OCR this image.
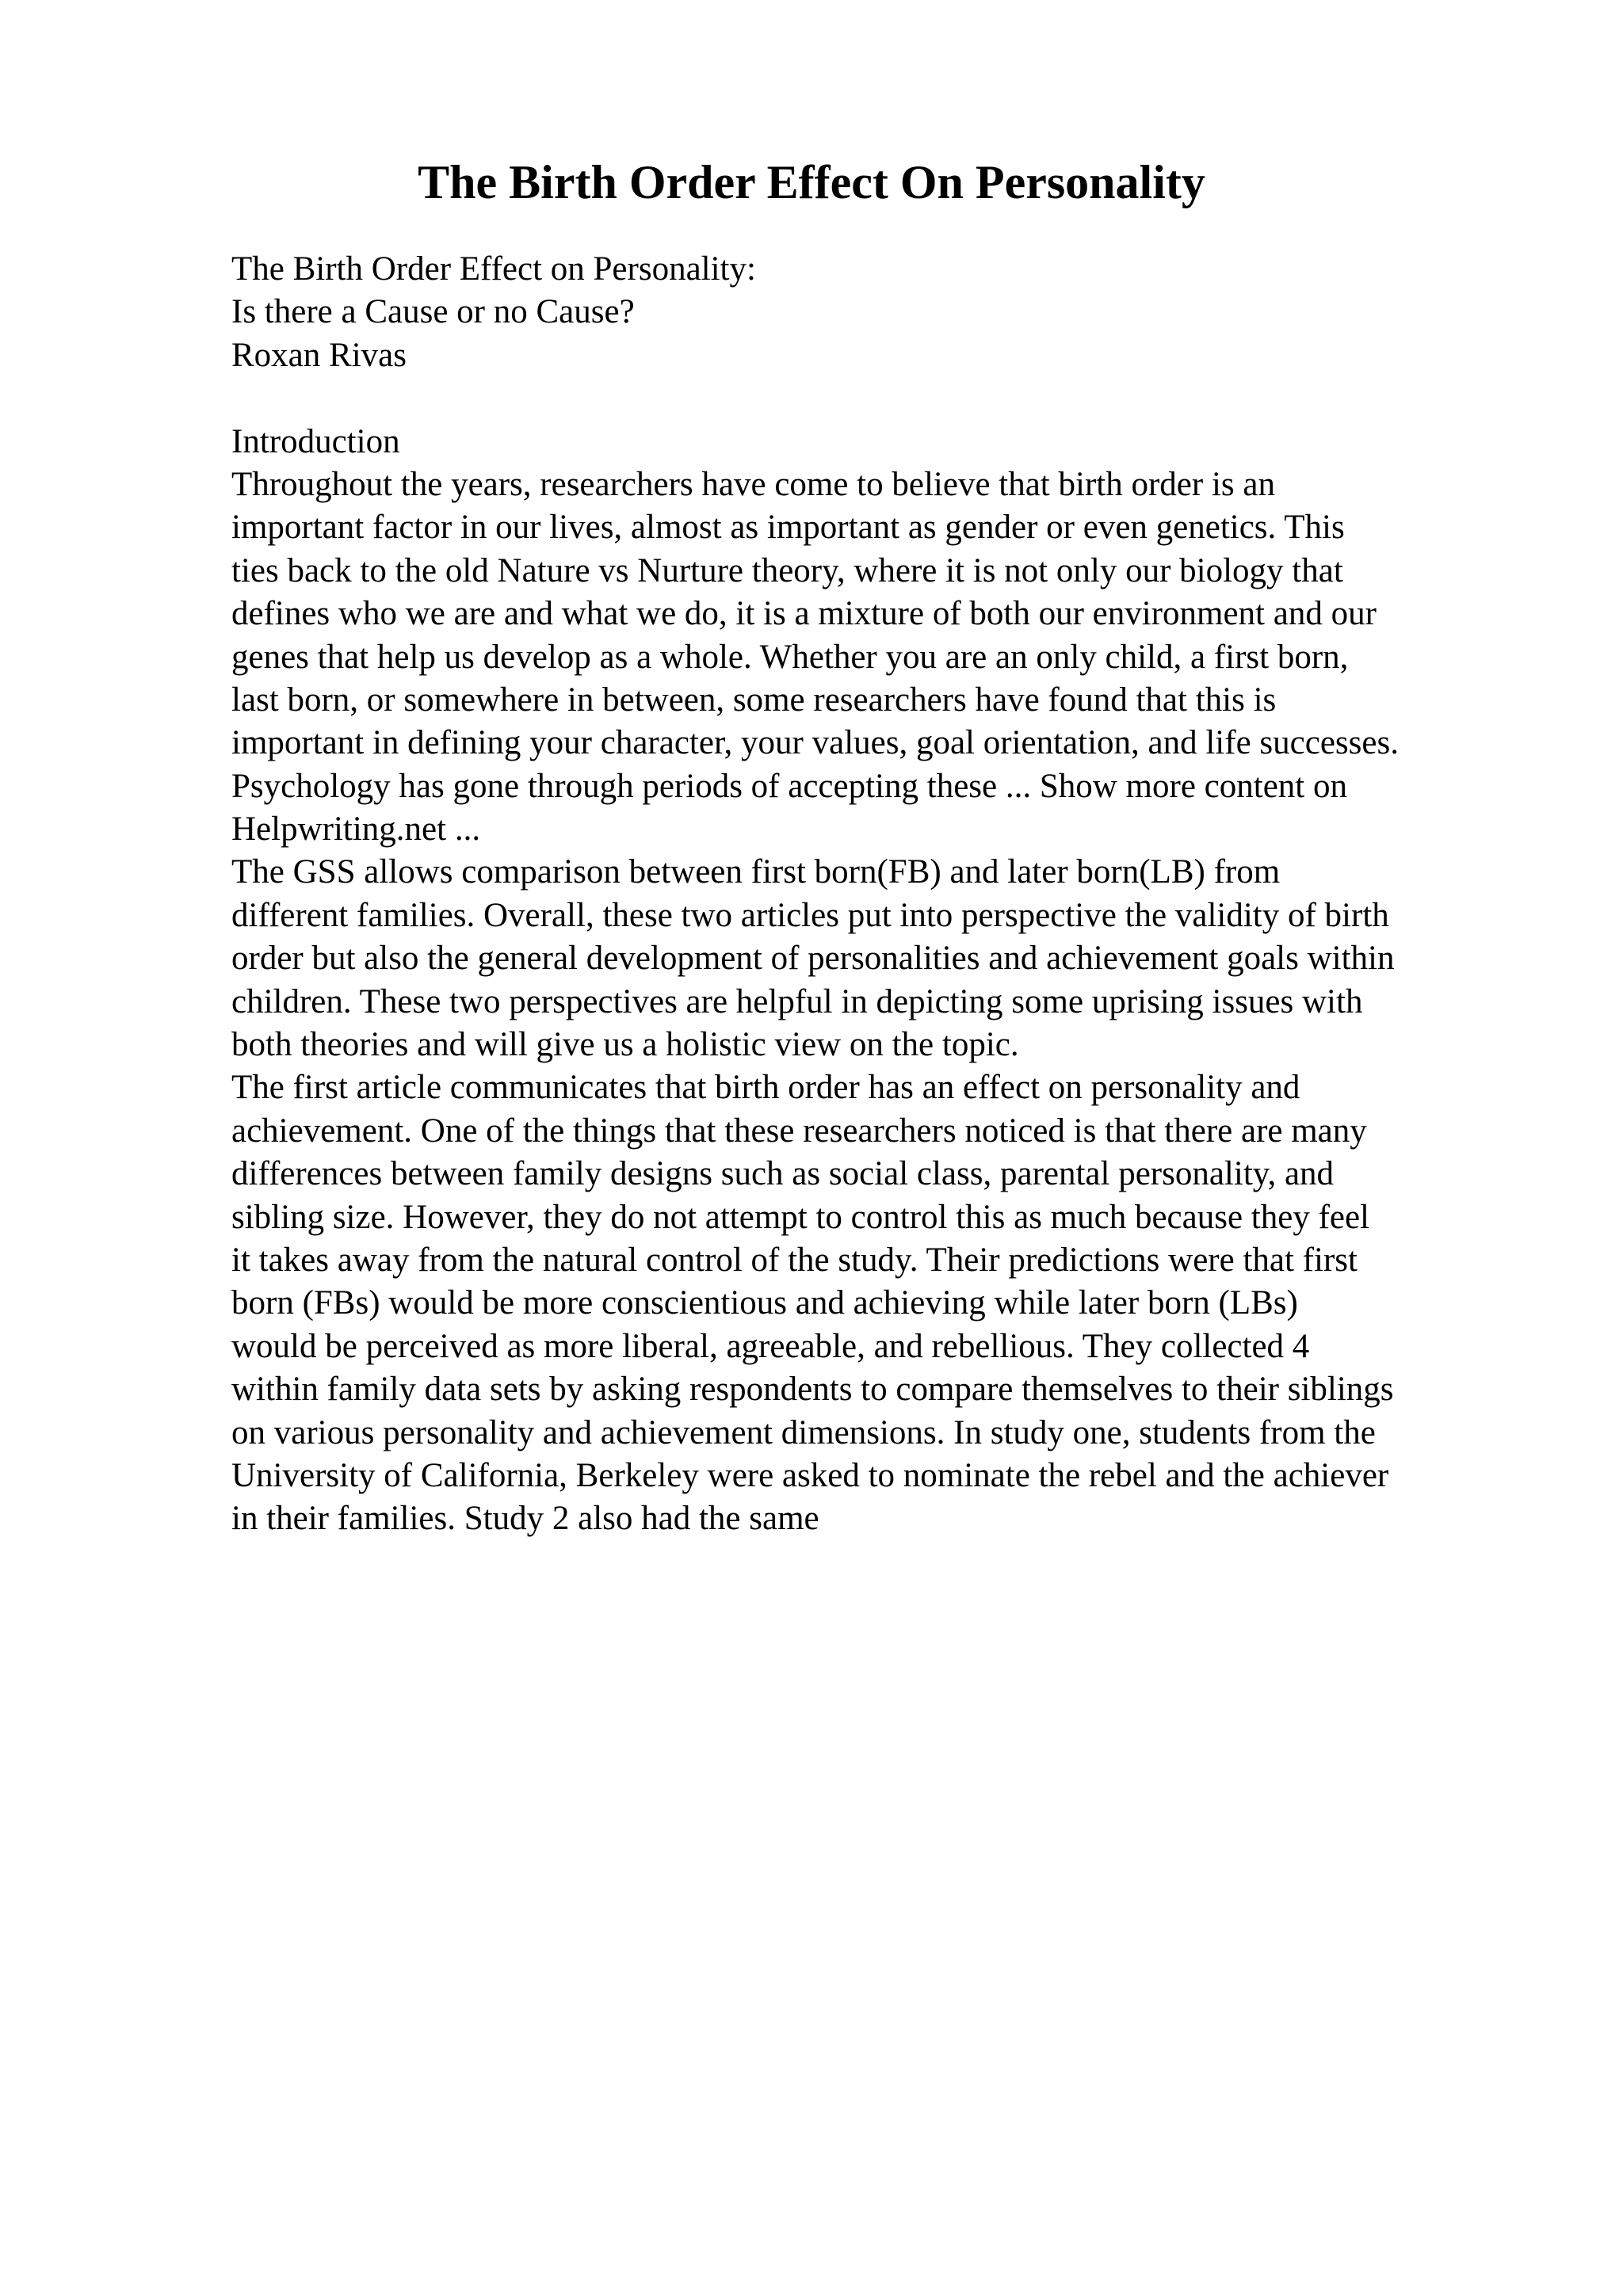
The Birth Order Effect On Personality
The Birth Order Effect on Personality:
Is there a Cause or no Cause?
Roxan Rivas
Introduction
Throughout the years, researchers have come to believe that birth order is an
important factor in our lives, almost as important as gender or even genetics. This
ties back to the old Nature vs Nurture theory, where it is not only our biology that
defines who we are and what we do, it is a mixture of both our environment and our
genes that help us develop as a whole. Whether you are an only child, a first born,
last born, or somewhere in between, some researchers have found that this is
important in defining your character, your values, goal orientation, and life successes.
Psychology has gone through periods of accepting these ... Show more content on
Helpwriting.net ...
The GSS allows comparison between first born(FB) and later born(LB) from
different families. Overall, these two articles put into perspective the validity of birth
order but also the general development of personalities and achievement goals within
children. These two perspectives are helpful in depicting some uprising issues with
both theories and will give us a holistic view on the topic.
The first article communicates that birth order has an effect on personality and
achievement. One of the things that these researchers noticed is that there are many
differences between family designs such as social class, parental personality, and
sibling size. However, they do not attempt to control this as much because they feel
it takes away from the natural control of the study. Their predictions were that first
born (FBs) would be more conscientious and achieving while later born (LBs)
would be perceived as more liberal, agreeable, and rebellious. They collected 4
within family data sets by asking respondents to compare themselves to their siblings
on various personality and achievement dimensions. In study one, students from the
University of California, Berkeley were asked to nominate the rebel and the achiever
in their families. Study 2 also had the same
